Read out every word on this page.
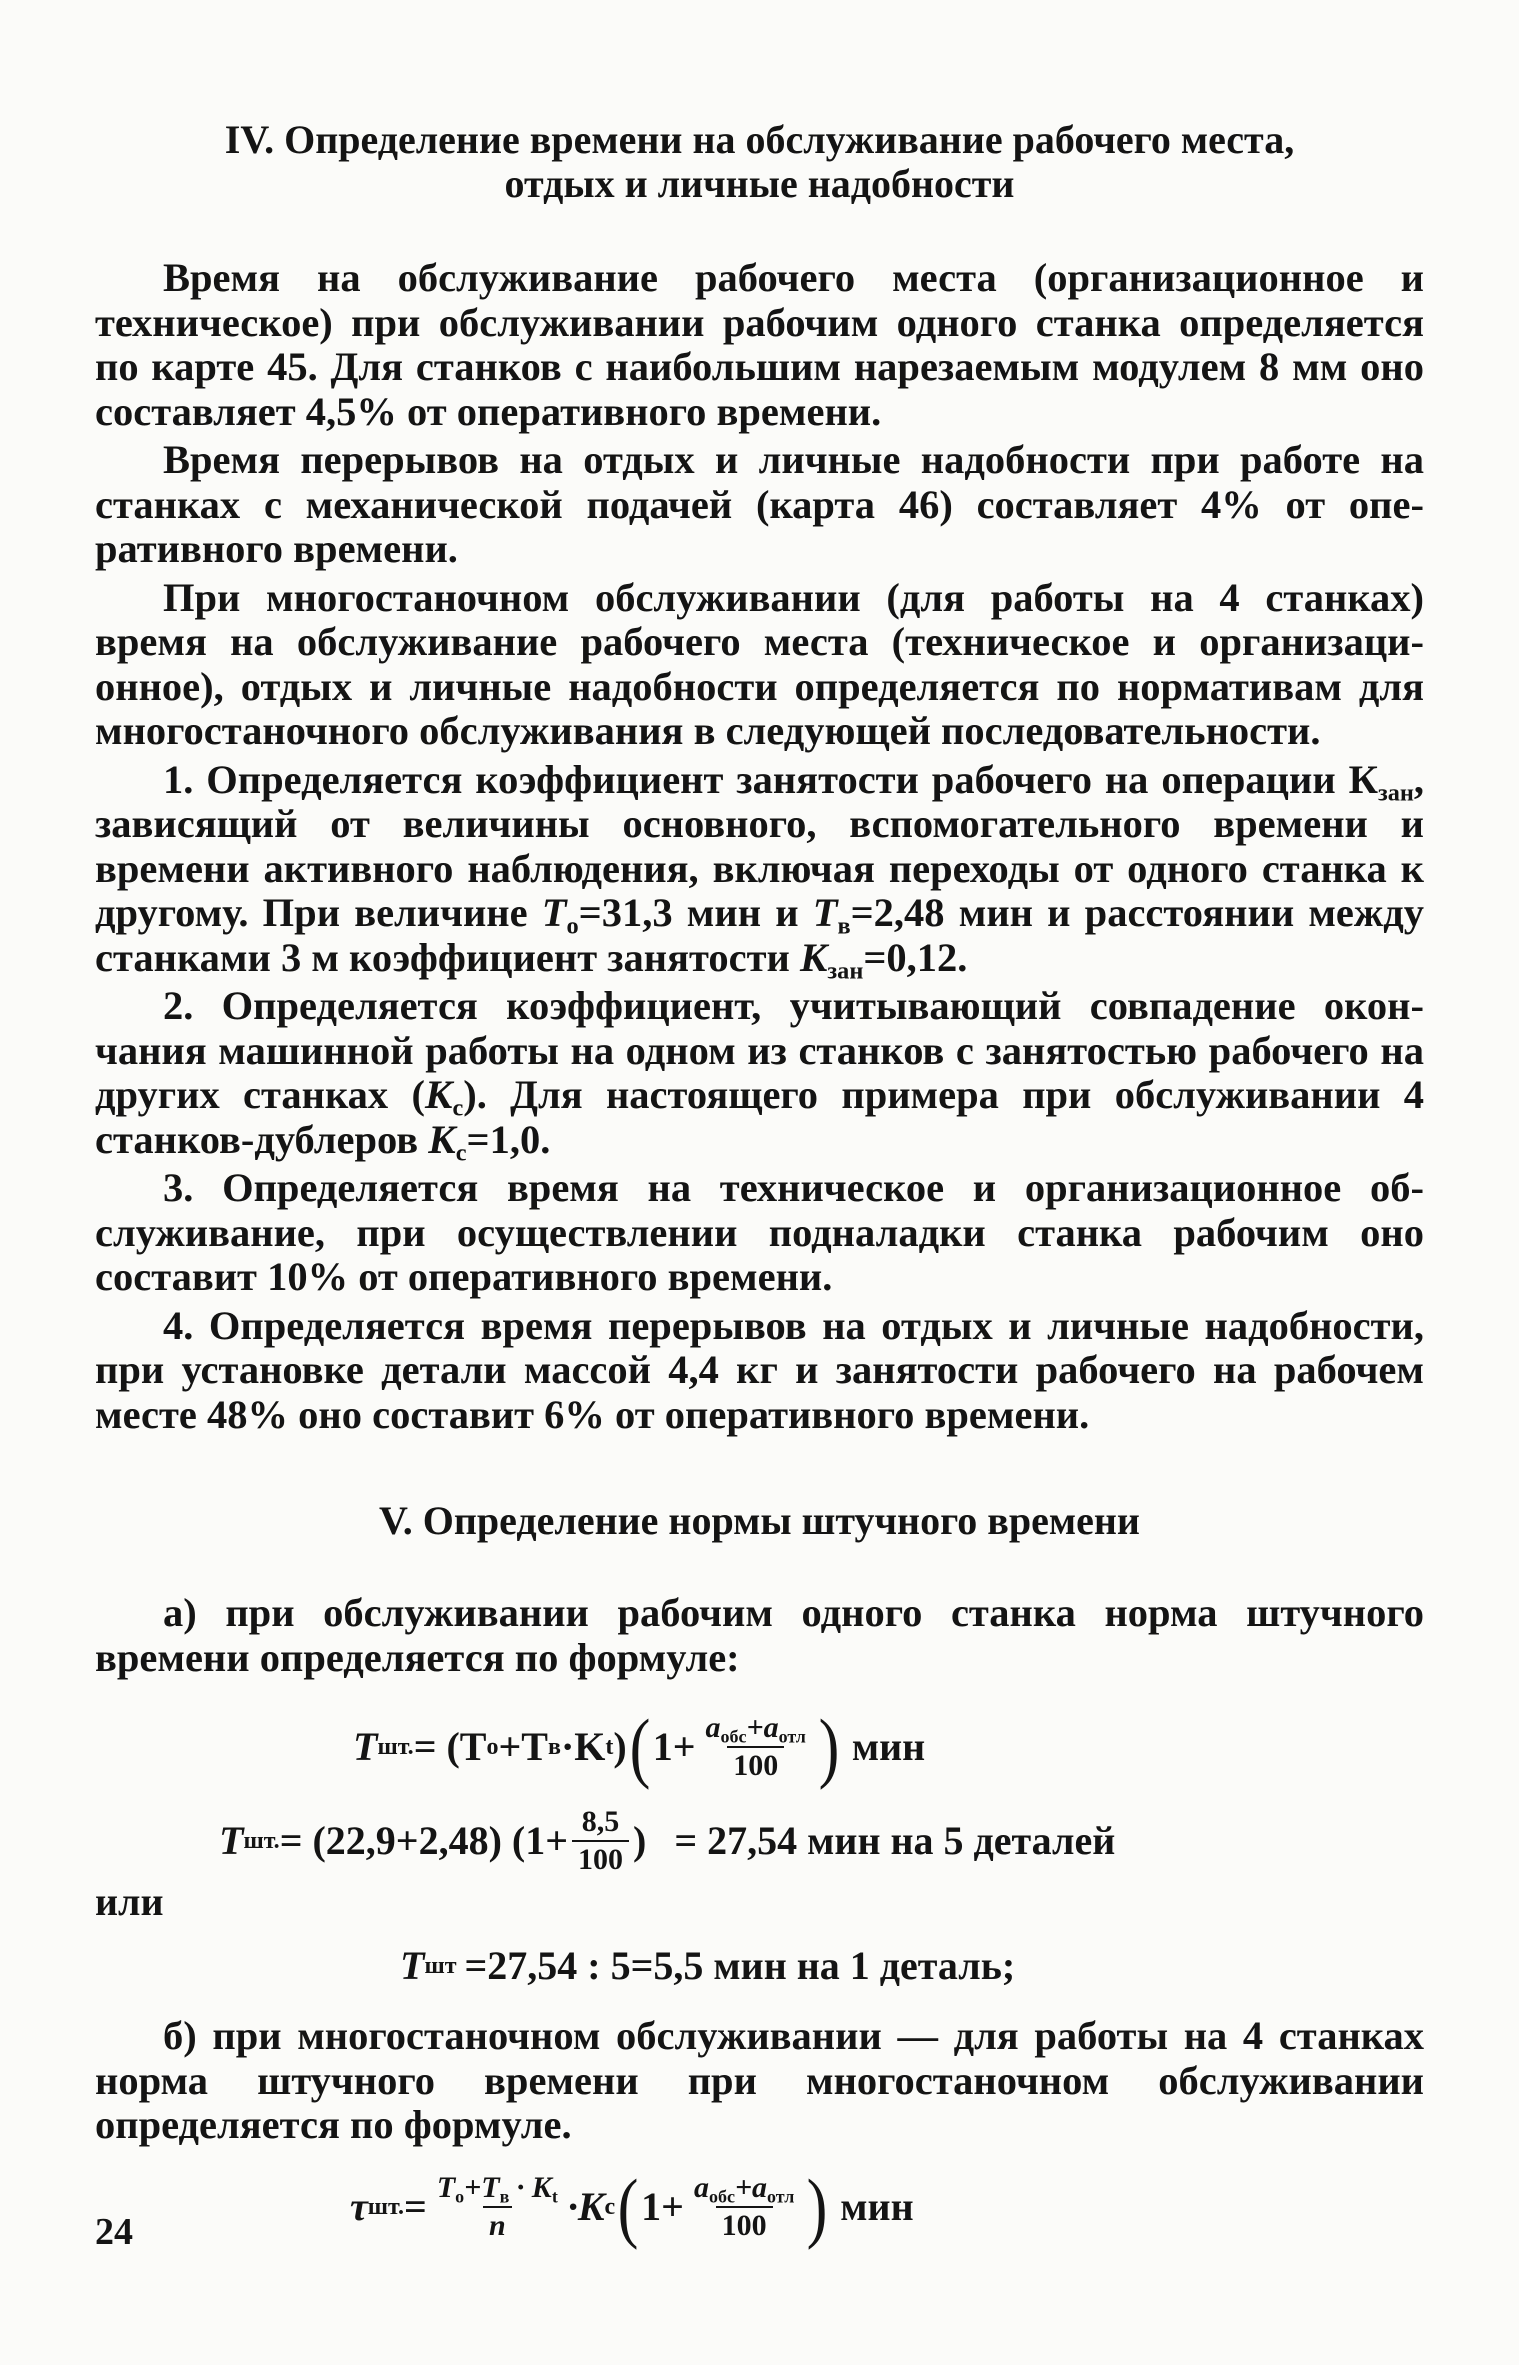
IV. Определение времени на обслуживание рабочего места,
отдых и личные надобности

Время на обслуживание рабочего места (организационное и техническое) при обслуживании рабочим одного станка определяется по карте 45. Для станков с наибольшим нарезаемым модулем 8 мм оно составляет 4,5% от оперативного времени.

Время перерывов на отдых и личные надобности при работе на станках с механической подачей (карта 46) составляет 4% от оперативного времени.

При многостаночном обслуживании (для работы на 4 станках) время на обслуживание рабочего места (техническое и организационное), отдых и личные надобности определяется по нормативам для многостаночного обслуживания в следующей последовательности.

1. Определяется коэффициент занятости рабочего на операции $К_{зан}$, зависящий от величины основного, вспомогательного времени и времени активного наблюдения, включая переходы от одного станка к другому. При величине $T_o=31,3$ мин и $T_в=2,48$ мин и расстоянии между станками 3 м коэффициент занятости $К_{зан}=0,12$.

2. Определяется коэффициент, учитывающий совпадение окончания машинной работы на одном из станков с занятостью рабочего на других станках $(К_с)$. Для настоящего примера при обслуживании 4 станков-дублеров $К_с=1,0$.

3. Определяется время на техническое и организационное обслуживание, при осуществлении подналадки станка рабочим оно составит 10% от оперативного времени.

4. Определяется время перерывов на отдых и личные надобности, при установке детали массой 4,4 кг и занятости рабочего на рабочем месте 48% оно составит 6% от оперативного времени.

V. Определение нормы штучного времени

а) при обслуживании рабочим одного станка норма штучного времени определяется по формуле:

T шт. = (T о +T в ·K t ) ( $1+ \frac{a_{обс}+a_{отл}}{100}$ ) мин
T шт. = (22,9+2,48) ($1+ \frac{8,5}{100}$ ) = 27,54 мин на 5 деталей
или
T шт =27,54 : 5=5,5 мин на 1 деталь;

б) при многостаночном обслуживании — для работы на 4 станках норма штучного времени при многостаночном обслуживании определяется по формуле.

τ шт. = $\frac{T_о+T_в \cdot K_t}{n} \cdot K$ с ( $1+ \frac{a_{обс}+a_{отл}}{100}$ ) мин
24
